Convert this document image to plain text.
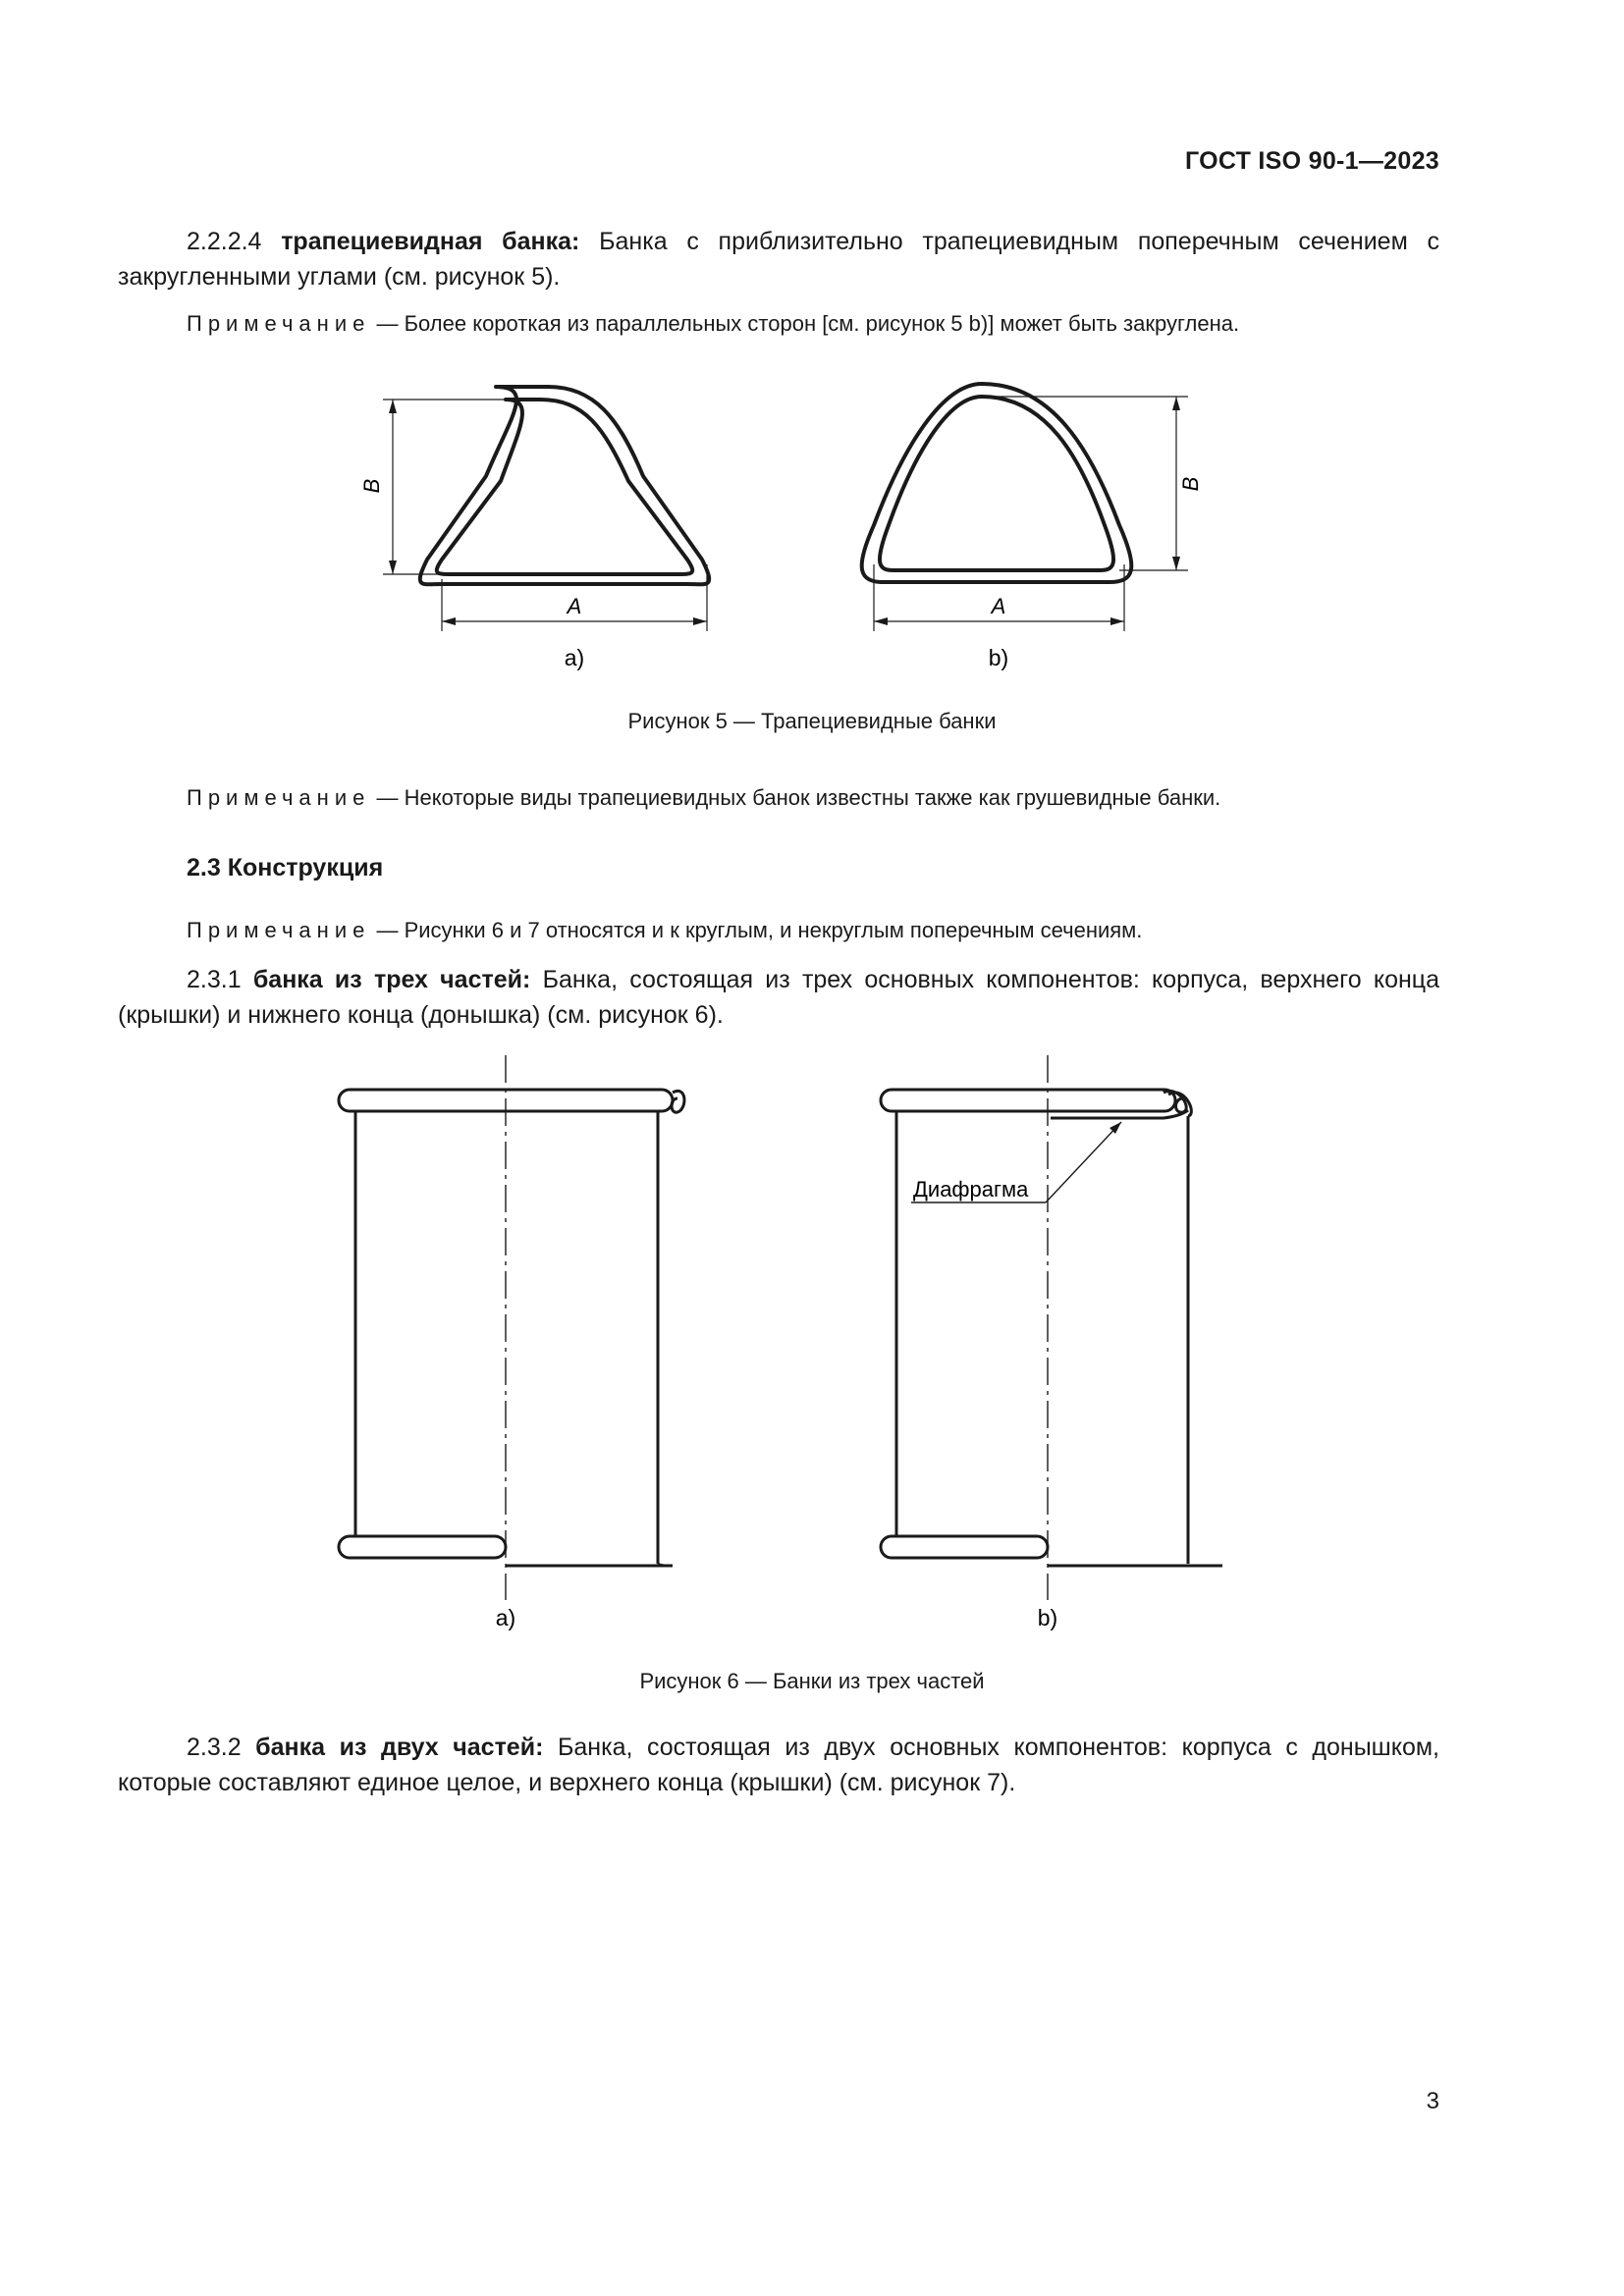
ГОСТ ISO 90-1—2023

2.2.2.4 трапециевидная банка: Банка с приблизительно трапециевидным поперечным сечением с закругленными углами (см. рисунок 5).

Примечание — Более короткая из параллельных сторон [см. рисунок 5 b)] может быть закруглена.

B
A
B
A
a)	b)
Рисунок 5 — Трапециевидные банки

Примечание — Некоторые виды трапециевидных банок известны также как грушевидные банки.

2.3 Конструкция

Примечание — Рисунки 6 и 7 относятся и к круглым, и некруглым поперечным сечениям.

2.3.1 банка из трех частей: Банка, состоящая из трех основных компонентов: корпуса, верхнего конца (крышки) и нижнего конца (донышка) (см. рисунок 6).

Диафрагма
a)	b)
Рисунок 6 — Банки из трех частей

2.3.2 банка из двух частей: Банка, состоящая из двух основных компонентов: корпуса с донышком, которые составляют единое целое, и верхнего конца (крышки) (см. рисунок 7).

3
